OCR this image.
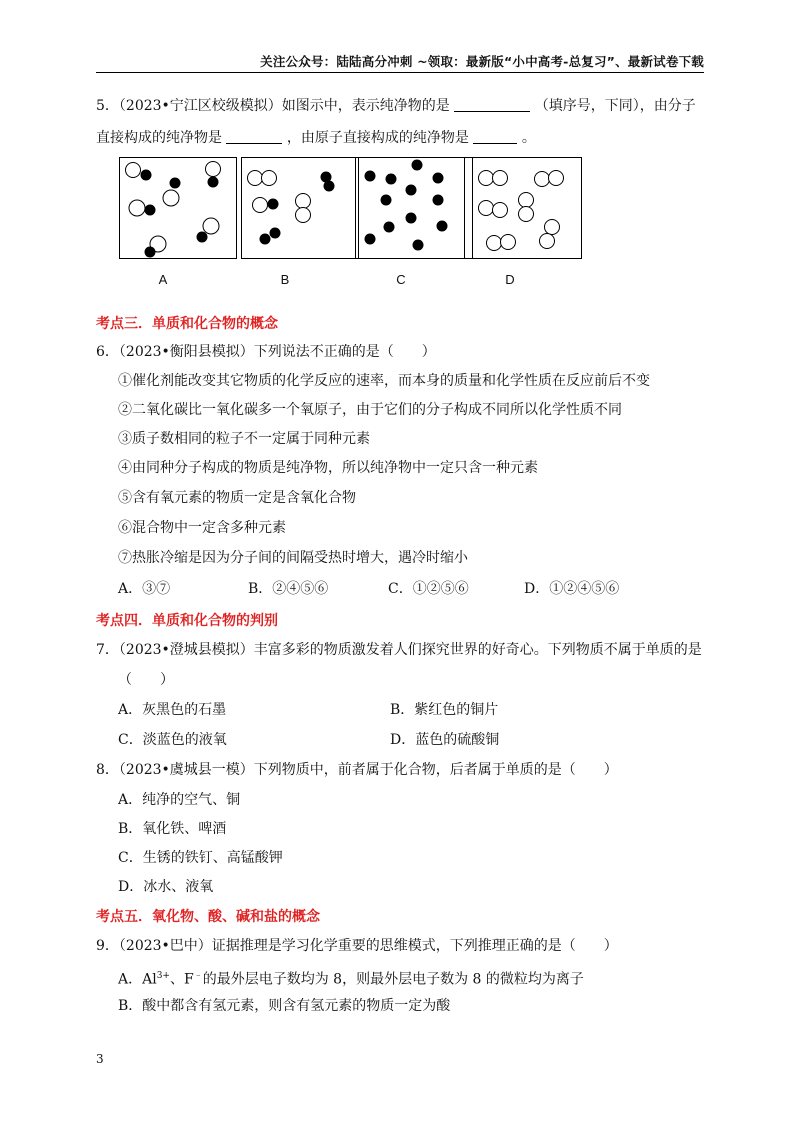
关注公众号：陆陆高分冲刺 ~领取：最新版“小中高考-总复习”、最新试卷下载
5．（2023•宁江区校级模拟）如图示中，表示纯净物的是	（填序号，下同），由分子
直接构成的纯净物是	，由原子直接构成的纯净物是	。
A	B	C	D
考点三．单质和化合物的概念
6．（2023•衡阳县模拟）下列说法不正确的是（　　）
①催化剂能改变其它物质的化学反应的速率，而本身的质量和化学性质在反应前后不变
②二氧化碳比一氧化碳多一个氧原子，由于它们的分子构成不同所以化学性质不同
③质子数相同的粒子不一定属于同种元素
④由同种分子构成的物质是纯净物，所以纯净物中一定只含一种元素
⑤含有氧元素的物质一定是含氧化合物
⑥混合物中一定含多种元素
⑦热胀冷缩是因为分子间的间隔受热时增大，遇冷时缩小
A．③⑦	B．②④⑤⑥	C．①②⑤⑥	D．①②④⑤⑥
考点四．单质和化合物的判别
7．（2023•澄城县模拟）丰富多彩的物质激发着人们探究世界的好奇心。下列物质不属于单质的是
（　　）
A．灰黑色的石墨	B．紫红色的铜片
C．淡蓝色的液氧	D．蓝色的硫酸铜
8．（2023•虞城县一模）下列物质中，前者属于化合物，后者属于单质的是（　　）
A．纯净的空气、铜
B．氧化铁、啤酒
C．生锈的铁钉、高锰酸钾
D．冰水、液氧
考点五．氧化物、酸、碱和盐的概念
9．（2023•巴中）证据推理是学习化学重要的思维模式，下列推理正确的是（　　）
A．$Al^{3+}$、F﹣的最外层电子数均为 8，则最外层电子数为 8 的微粒均为离子
B．酸中都含有氢元素，则含有氢元素的物质一定为酸
3
